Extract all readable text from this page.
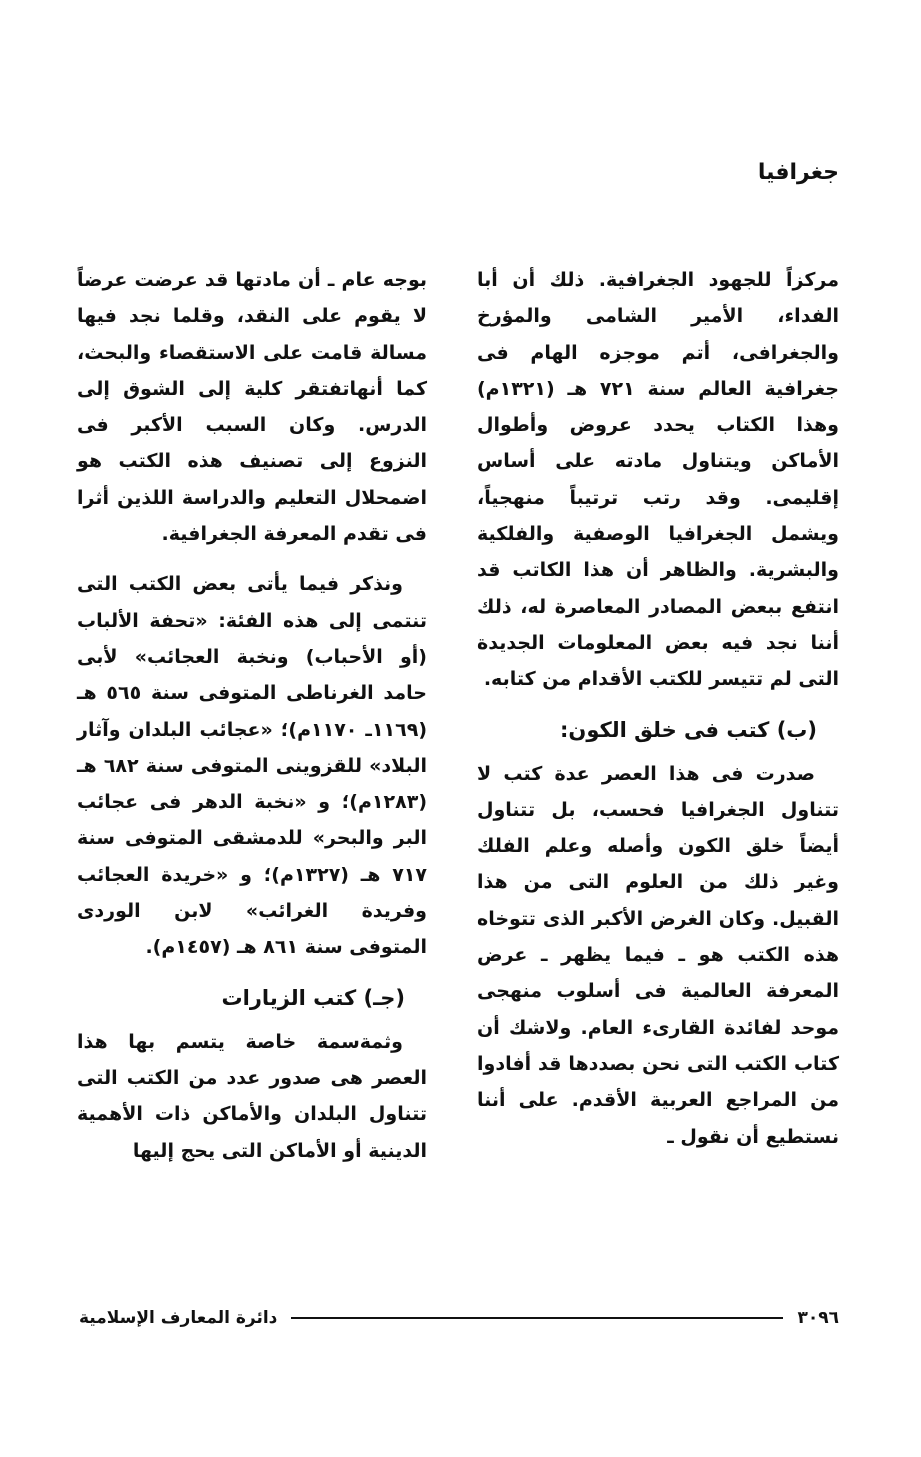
جغرافيا

مركزاً للجهود الجغرافية. ذلك أن أبا الفداء، الأمير الشامى والمؤرخ والجغرافى، أتم موجزه الهام فى جغرافية العالم سنة ٧٢١ هـ (١٣٢١م) وهذا الكتاب يحدد عروض وأطوال الأماكن ويتناول مادته على أساس إقليمى. وقد رتب ترتيباً منهجياً، ويشمل الجغرافيا الوصفية والفلكية والبشرية. والظاهر أن هذا الكاتب قد انتفع ببعض المصادر المعاصرة له، ذلك أننا نجد فيه بعض المعلومات الجديدة التى لم تتيسر للكتب الأقدام من كتابه.

(ب) كتب فى خلق الكون:

صدرت فى هذا العصر عدة كتب لا تتناول الجغرافيا فحسب، بل تتناول أيضاً خلق الكون وأصله وعلم الفلك وغير ذلك من العلوم التى من هذا القبيل. وكان الغرض الأكبر الذى تتوخاه هذه الكتب هو ـ فيما يظهر ـ عرض المعرفة العالمية فى أسلوب منهجى موحد لفائدة القارىء العام. ولاشك أن كتاب الكتب التى نحن بصددها قد أفادوا من المراجع العربية الأقدم. على أننا نستطيع أن نقول ـ

بوجه عام ـ أن مادتها قد عرضت عرضاً لا يقوم على النقد، وقلما نجد فيها مسالة قامت على الاستقصاء والبحث، كما أنهاتفتقر كلية إلى الشوق إلى الدرس. وكان السبب الأكبر فى النزوع إلى تصنيف هذه الكتب هو اضمحلال التعليم والدراسة اللذين أثرا فى تقدم المعرفة الجغرافية.

ونذكر فيما يأتى بعض الكتب التى تنتمى إلى هذه الفئة: «تحفة الألباب (أو الأحباب) ونخبة العجائب» لأبى حامد الغرناطى المتوفى سنة ٥٦٥ هـ (١١٦٩ـ ١١٧٠م)؛ «عجائب البلدان وآثار البلاد» للقزوينى المتوفى سنة ٦٨٢ هـ (١٢٨٣م)؛ و «نخبة الدهر فى عجائب البر والبحر» للدمشقى المتوفى سنة ٧١٧ هـ (١٣٢٧م)؛ و «خريدة العجائب وفريدة الغرائب» لابن الوردى المتوفى سنة ٨٦١ هـ (١٤٥٧م).

(جـ) كتب الزيارات

وثمةسمة خاصة يتسم بها هذا العصر هى صدور عدد من الكتب التى تتناول البلدان والأماكن ذات الأهمية الدينية أو الأماكن التى يحج إليها

٣٠٩٦
دائرة المعارف الإسلامية
